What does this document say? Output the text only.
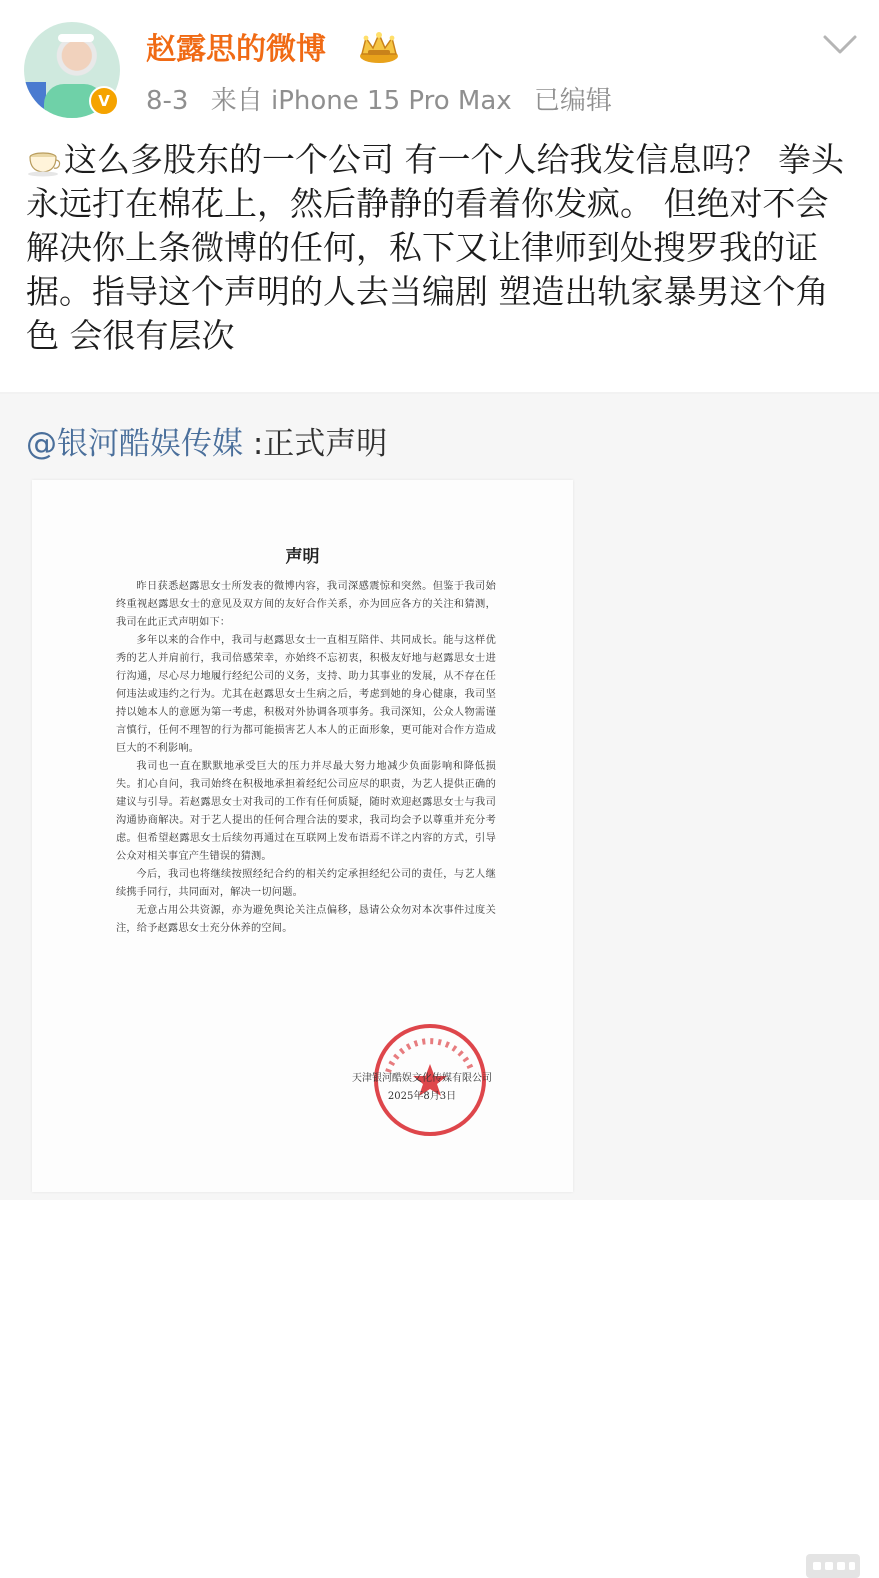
V
赵露思的微博
8-3 来自 iPhone 15 Pro Max 已编辑
这么多股东的一个公司 有一个人给我发信息吗？ 拳头永远打在棉花上，然后静静的看着你发疯。 但绝对不会解决你上条微博的任何，私下又让律师到处搜罗我的证据。指导这个声明的人去当编剧 塑造出轨家暴男这个角色 会很有层次
@银河酷娱传媒 :正式声明
声明

昨日获悉赵露思女士所发表的微博内容，我司深感震惊和突然。但鉴于我司始终重视赵露思女士的意见及双方间的友好合作关系，亦为回应各方的关注和猜测，我司在此正式声明如下：

多年以来的合作中，我司与赵露思女士一直相互陪伴、共同成长。能与这样优秀的艺人并肩前行，我司倍感荣幸，亦始终不忘初衷，积极友好地与赵露思女士进行沟通，尽心尽力地履行经纪公司的义务，支持、助力其事业的发展，从不存在任何违法或违约之行为。尤其在赵露思女士生病之后，考虑到她的身心健康，我司坚持以她本人的意愿为第一考虑，积极对外协调各项事务。我司深知，公众人物需谨言慎行，任何不理智的行为都可能损害艺人本人的正面形象，更可能对合作方造成巨大的不利影响。

我司也一直在默默地承受巨大的压力并尽最大努力地减少负面影响和降低损失。扪心自问，我司始终在积极地承担着经纪公司应尽的职责，为艺人提供正确的建议与引导。若赵露思女士对我司的工作有任何质疑，随时欢迎赵露思女士与我司沟通协商解决。对于艺人提出的任何合理合法的要求，我司均会予以尊重并充分考虑。但希望赵露思女士后续勿再通过在互联网上发布语焉不详之内容的方式，引导公众对相关事宜产生错误的猜测。

今后，我司也将继续按照经纪合约的相关约定承担经纪公司的责任，与艺人继续携手同行，共同面对，解决一切问题。

无意占用公共资源，亦为避免舆论关注点偏移，恳请公众勿对本次事件过度关注，给予赵露思女士充分休养的空间。

天津银河酷娱文化传媒有限公司
2025年8月3日
